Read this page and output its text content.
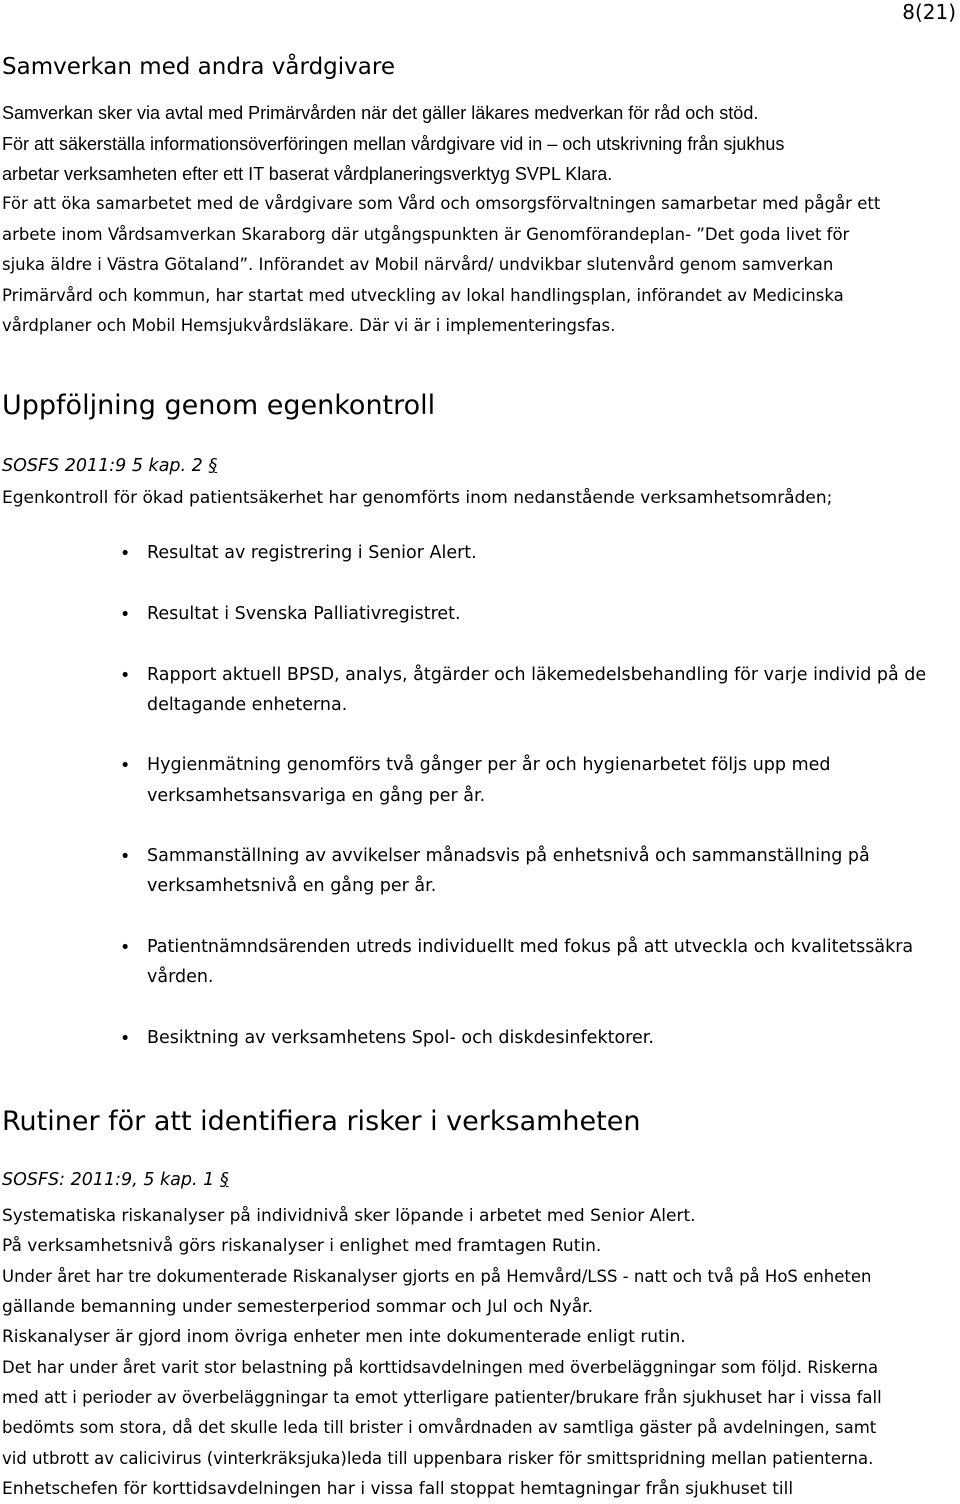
8(21)
Samverkan med andra vårdgivare
Samverkan sker via avtal med Primärvården när det gäller läkares medverkan för råd och stöd.
För att säkerställa informationsöverföringen mellan vårdgivare vid in – och utskrivning från sjukhus
arbetar verksamheten efter ett IT baserat vårdplaneringsverktyg SVPL Klara.
För att öka samarbetet med de vårdgivare som Vård och omsorgsförvaltningen samarbetar med pågår ett
arbete inom Vårdsamverkan Skaraborg där utgångspunkten är Genomförandeplan- ”Det goda livet för
sjuka äldre i Västra Götaland”. Införandet av Mobil närvård/ undvikbar slutenvård genom samverkan
Primärvård och kommun, har startat med utveckling av lokal handlingsplan, införandet av Medicinska
vårdplaner och Mobil Hemsjukvårdsläkare. Där vi är i implementeringsfas.
Uppföljning genom egenkontroll
SOSFS 2011:9 5 kap. 2 §
Egenkontroll för ökad patientsäkerhet har genomförts inom nedanstående verksamhetsområden;
• Resultat av registrering i Senior Alert.
• Resultat i Svenska Palliativregistret.
• Rapport aktuell BPSD, analys, åtgärder och läkemedelsbehandling för varje individ på de
deltagande enheterna.
• Hygienmätning genomförs två gånger per år och hygienarbetet följs upp med
verksamhetsansvariga en gång per år.
• Sammanställning av avvikelser månadsvis på enhetsnivå och sammanställning på
verksamhetsnivå en gång per år.
• Patientnämndsärenden utreds individuellt med fokus på att utveckla och kvalitetssäkra
vården.
• Besiktning av verksamhetens Spol- och diskdesinfektorer.
Rutiner för att identifiera risker i verksamheten
SOSFS: 2011:9, 5 kap. 1 §
Systematiska riskanalyser på individnivå sker löpande i arbetet med Senior Alert.
På verksamhetsnivå görs riskanalyser i enlighet med framtagen Rutin.
Under året har tre dokumenterade Riskanalyser gjorts en på Hemvård/LSS - natt och två på HoS enheten
gällande bemanning under semesterperiod sommar och Jul och Nyår.
Riskanalyser är gjord inom övriga enheter men inte dokumenterade enligt rutin.
Det har under året varit stor belastning på korttidsavdelningen med överbeläggningar som följd. Riskerna
med att i perioder av överbeläggningar ta emot ytterligare patienter/brukare från sjukhuset har i vissa fall
bedömts som stora, då det skulle leda till brister i omvårdnaden av samtliga gäster på avdelningen, samt
vid utbrott av calicivirus (vinterkräksjuka)leda till uppenbara risker för smittspridning mellan patienterna.
Enhetschefen för korttidsavdelningen har i vissa fall stoppat hemtagningar från sjukhuset till
